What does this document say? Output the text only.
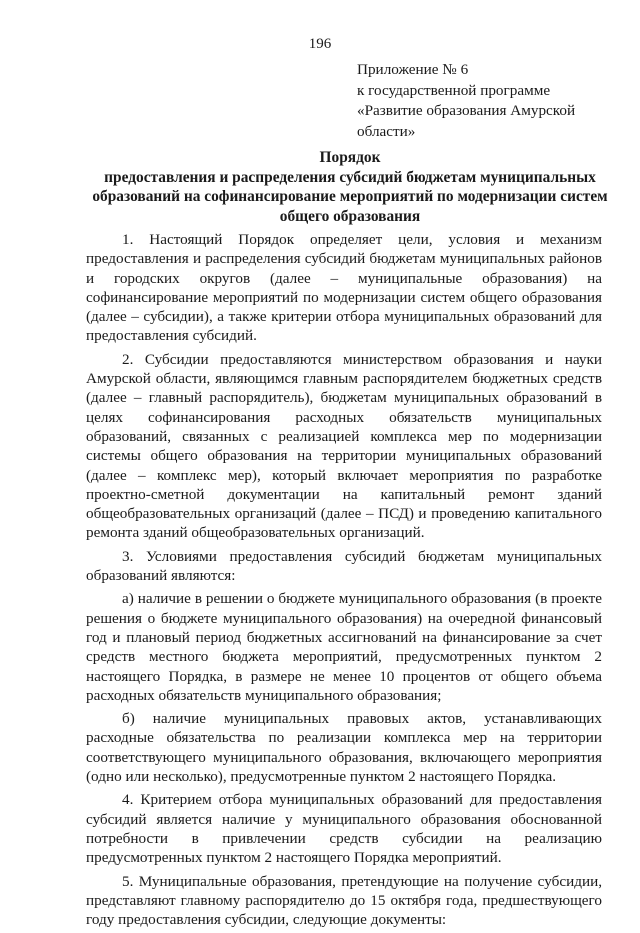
196
Приложение № 6
к государственной программе
«Развитие образования Амурской
области»
Порядок
предоставления и распределения субсидий бюджетам муниципальных
образований на софинансирование мероприятий по модернизации систем
общего образования

1. Настоящий Порядок определяет цели, условия и механизм предоставления и распределения субсидий бюджетам муниципальных районов и городских округов (далее – муниципальные образования) на софинансирование мероприятий по модернизации систем общего образования (далее – субсидии), а также критерии отбора муниципальных образований для предоставления субсидий.

2. Субсидии предоставляются министерством образования и науки Амурской области, являющимся главным распорядителем бюджетных средств (далее – главный распорядитель), бюджетам муниципальных образований в целях софинансирования расходных обязательств муниципальных образований, связанных с реализацией комплекса мер по модернизации системы общего образования на территории муниципальных образований (далее – комплекс мер), который включает мероприятия по разработке проектно-сметной документации на капитальный ремонт зданий общеобразовательных организаций (далее – ПСД) и проведению капитального ремонта зданий общеобразовательных организаций.

3. Условиями предоставления субсидий бюджетам муниципальных образований являются:

а) наличие в решении о бюджете муниципального образования (в проекте решения о бюджете муниципального образования) на очередной финансовый год и плановый период бюджетных ассигнований на финансирование за счет средств местного бюджета мероприятий, предусмотренных пунктом 2 настоящего Порядка, в размере не менее 10 процентов от общего объема расходных обязательств муниципального образования;

б) наличие муниципальных правовых актов, устанавливающих расходные обязательства по реализации комплекса мер на территории соответствующего муниципального образования, включающего мероприятия (одно или несколько), предусмотренные пунктом 2 настоящего Порядка.

4. Критерием отбора муниципальных образований для предоставления субсидий является наличие у муниципального образования обоснованной потребности в привлечении средств субсидии на реализацию предусмотренных пунктом 2 настоящего Порядка мероприятий.

5. Муниципальные образования, претендующие на получение субсидии, представляют главному распорядителю до 15 октября года, предшествующего году предоставления субсидии, следующие документы:
